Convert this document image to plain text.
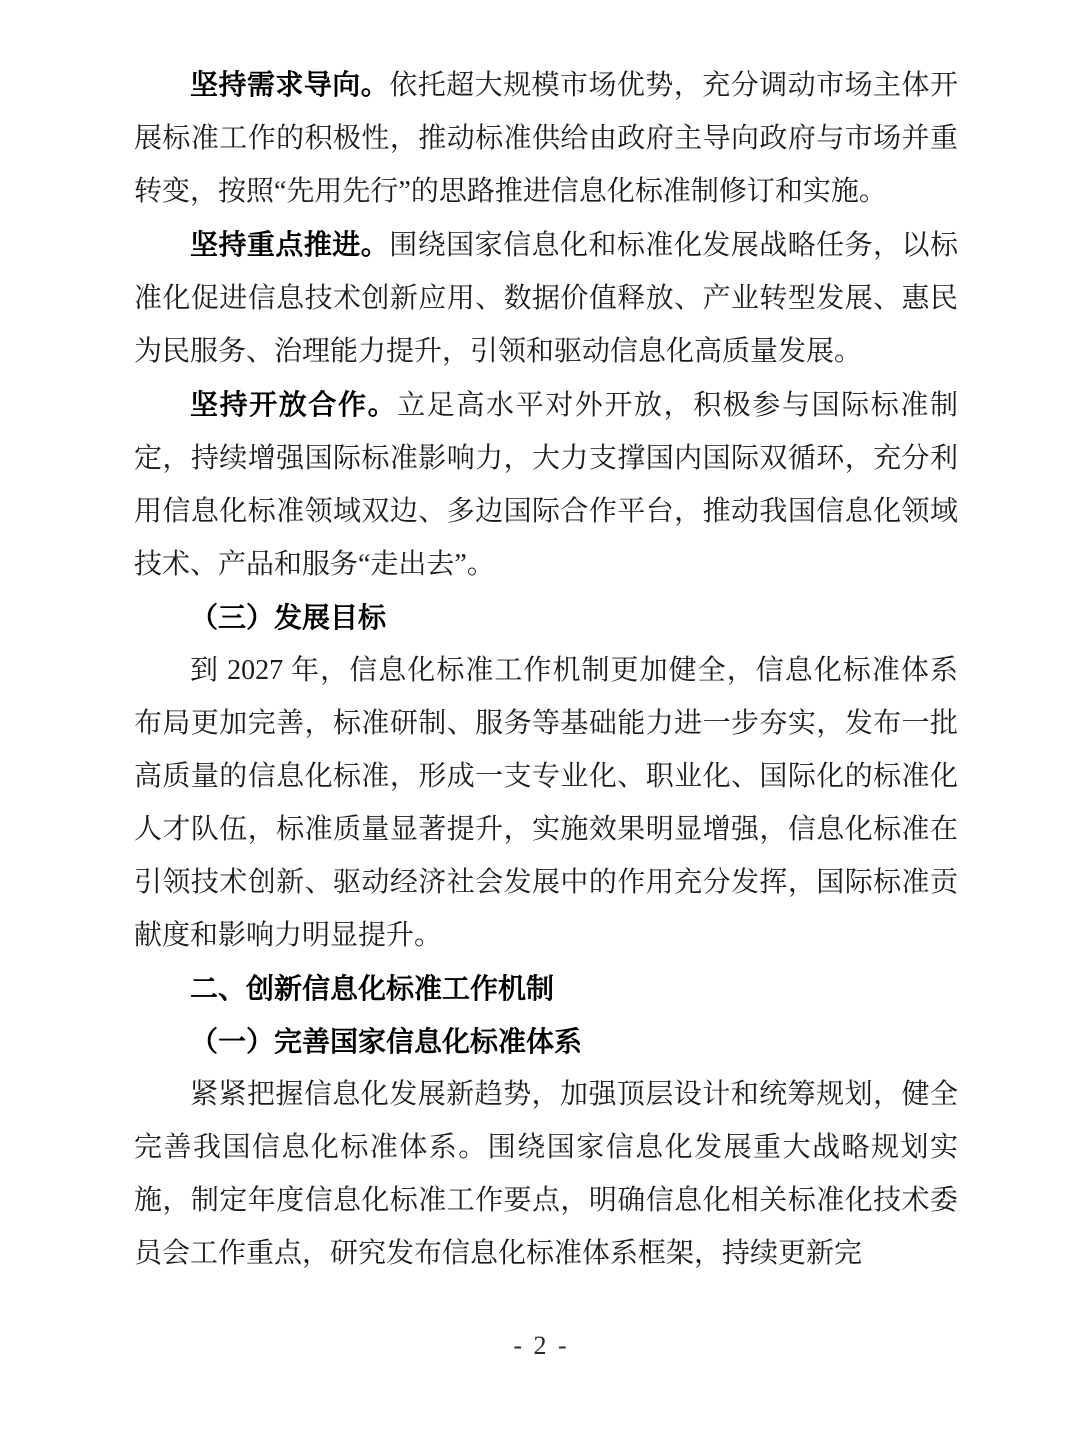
坚持需求导向。依托超大规模市场优势，充分调动市场主体开展标准工作的积极性，推动标准供给由政府主导向政府与市场并重转变，按照“先用先行”的思路推进信息化标准制修订和实施。

坚持重点推进。围绕国家信息化和标准化发展战略任务，以标准化促进信息技术创新应用、数据价值释放、产业转型发展、惠民为民服务、治理能力提升，引领和驱动信息化高质量发展。

坚持开放合作。立足高水平对外开放，积极参与国际标准制定，持续增强国际标准影响力，大力支撑国内国际双循环，充分利用信息化标准领域双边、多边国际合作平台，推动我国信息化领域技术、产品和服务“走出去”。

（三）发展目标

到 2027 年，信息化标准工作机制更加健全，信息化标准体系布局更加完善，标准研制、服务等基础能力进一步夯实，发布一批高质量的信息化标准，形成一支专业化、职业化、国际化的标准化人才队伍，标准质量显著提升，实施效果明显增强，信息化标准在引领技术创新、驱动经济社会发展中的作用充分发挥，国际标准贡献度和影响力明显提升。

二、创新信息化标准工作机制

（一）完善国家信息化标准体系

紧紧把握信息化发展新趋势，加强顶层设计和统筹规划，健全完善我国信息化标准体系。围绕国家信息化发展重大战略规划实施，制定年度信息化标准工作要点，明确信息化相关标准化技术委员会工作重点，研究发布信息化标准体系框架，持续更新完

- 2 -
